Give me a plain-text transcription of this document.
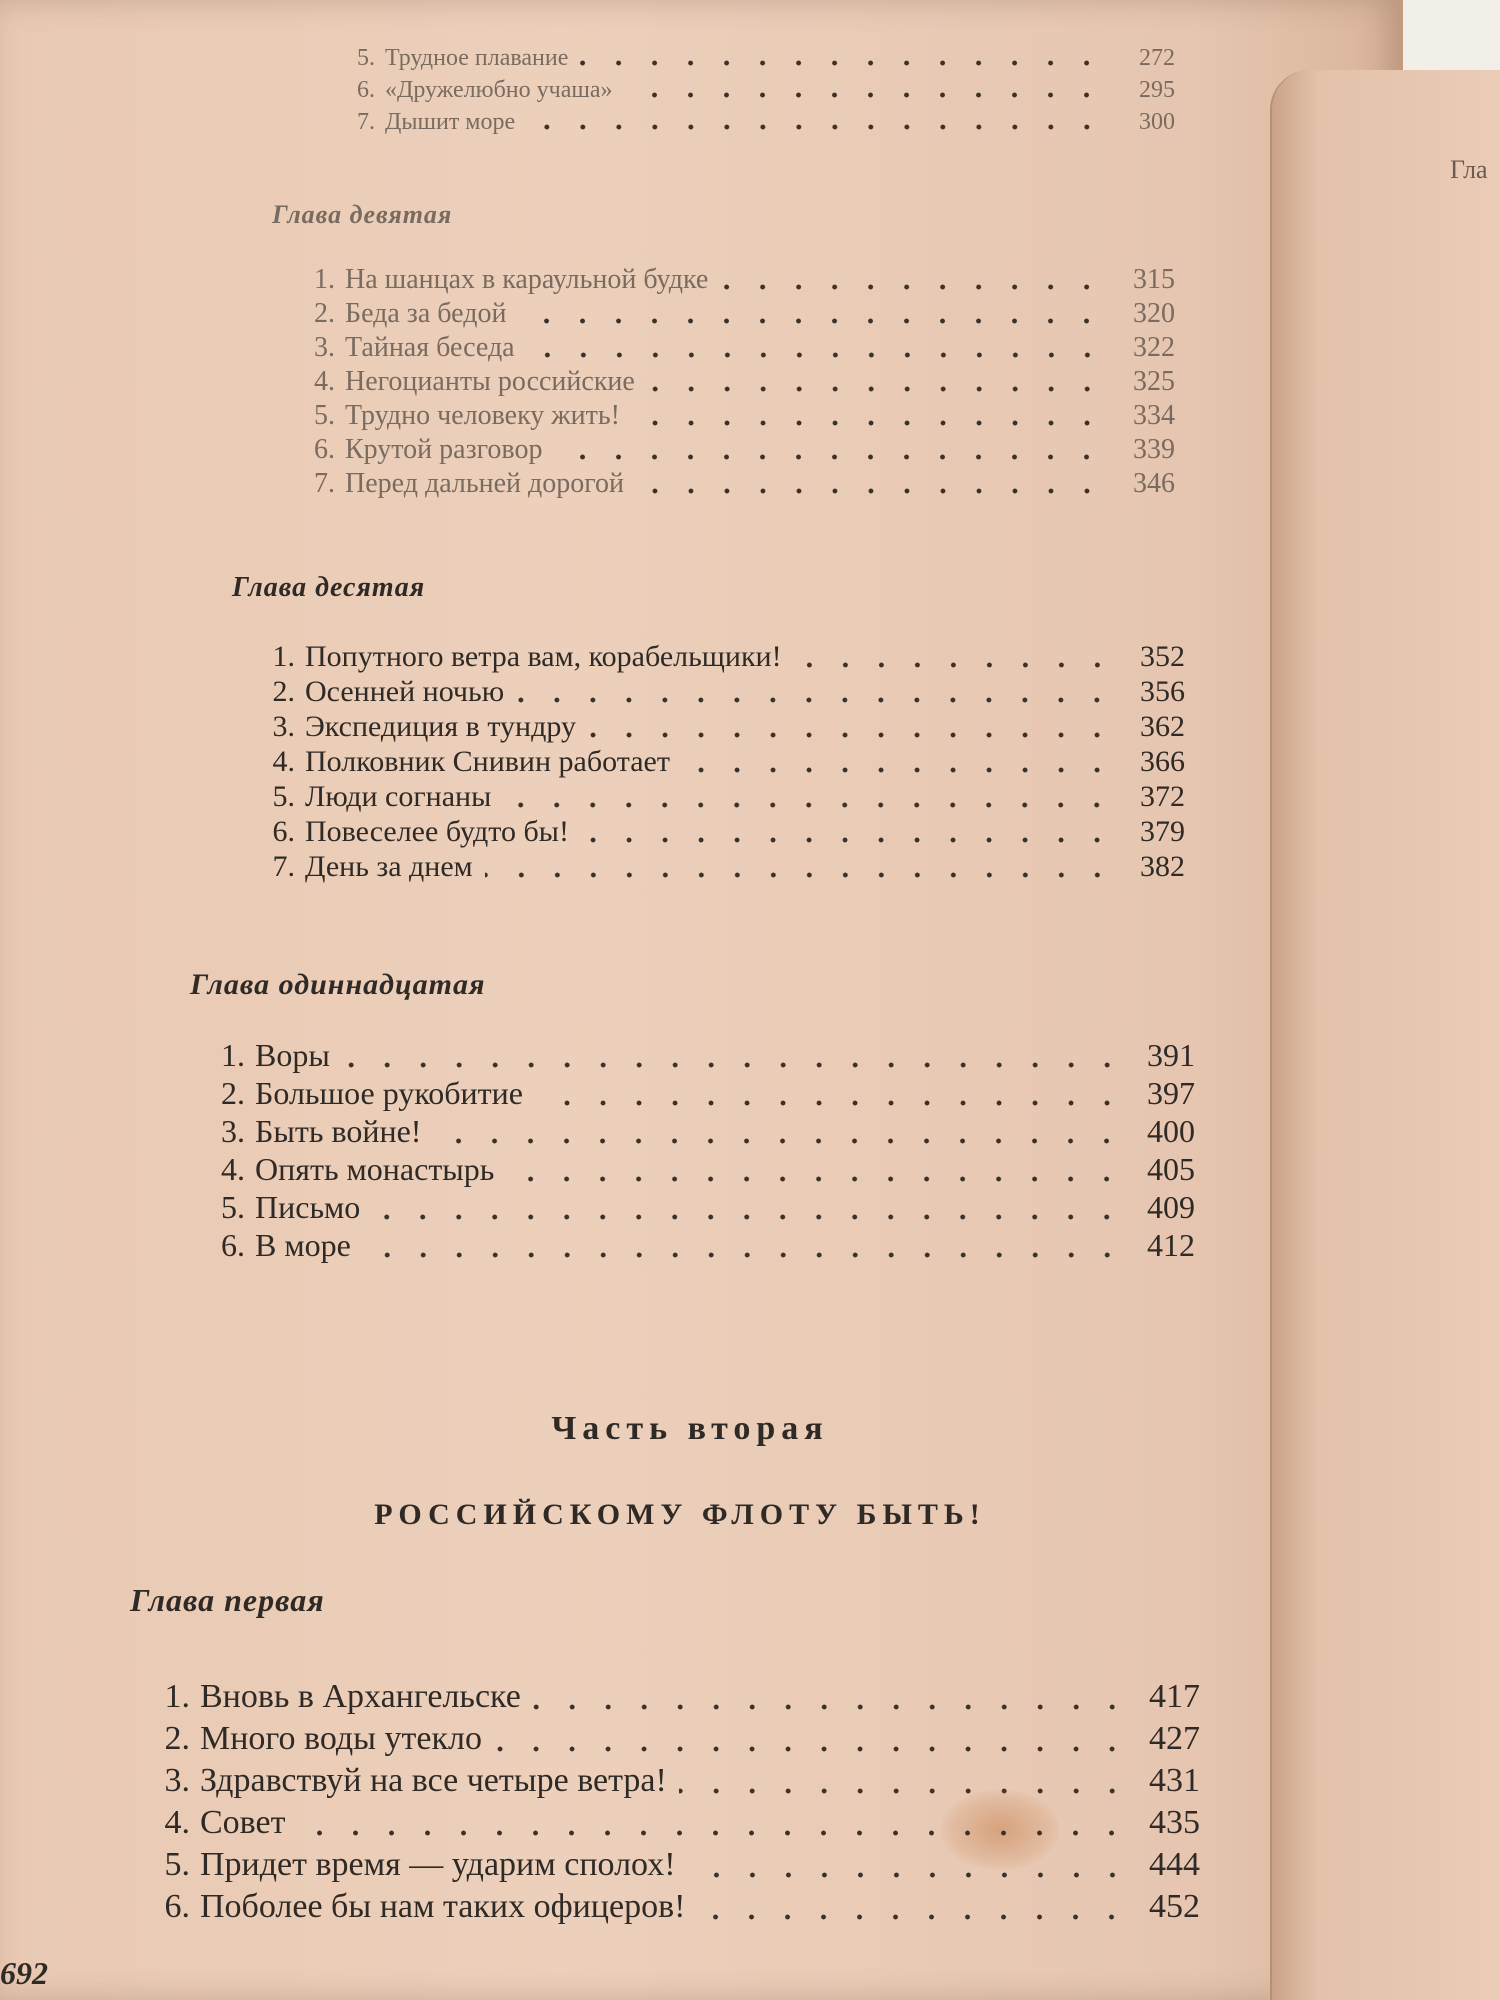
Гла
5. Трудное плавание	272
6. «Дружелюбно учаша»	295
7. Дышит море	300
Глава девятая
1. На шанцах в караульной будке	315
2. Беда за бедой	320
3. Тайная беседа	322
4. Негоцианты российские	325
5. Трудно человеку жить!	334
6. Крутой разговор	339
7. Перед дальней дорогой	346
Глава десятая
1. Попутного ветра вам, корабельщики!	352
2. Осенней ночью	356
3. Экспедиция в тундру	362
4. Полковник Снивин работает	366
5. Люди согнаны	372
6. Повеселее будто бы!	379
7. День за днем	382
Глава одиннадцатая
1. Воры	391
2. Большое рукобитие	397
3. Быть войне!	400
4. Опять монастырь	405
5. Письмо	409
6. В море	412
Часть вторая
РОССИЙСКОМУ ФЛОТУ БЫТЬ!
Глава первая
1. Вновь в Архангельске	417
2. Много воды утекло	427
3. Здравствуй на все четыре ветра!	431
4. Совет	435
5. Придет время — ударим сполох!	444
6. Поболее бы нам таких офицеров!	452
692
